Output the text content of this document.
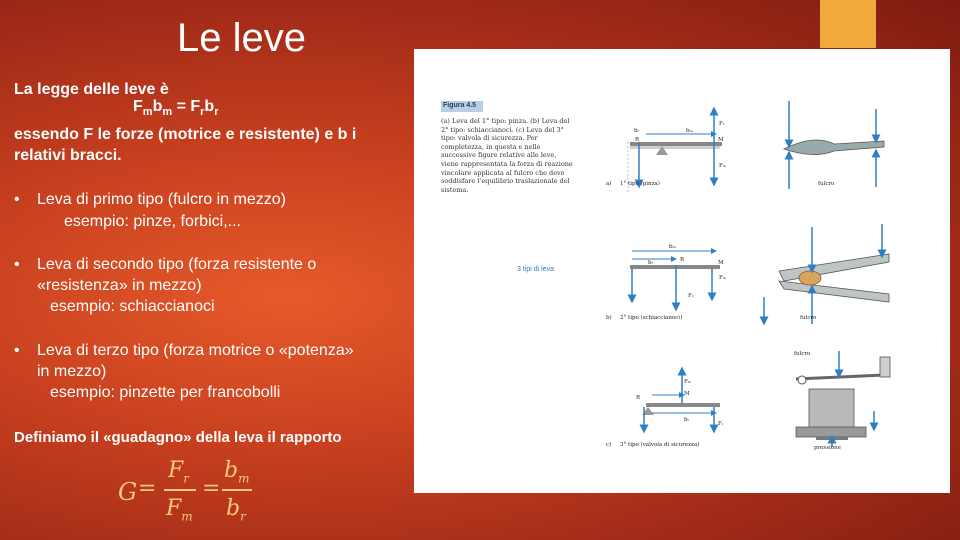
Le leve
La legge delle leve è
$F_mb_m = F_rb_r$
essendo F le forze (motrice e resistente) e b i
relativi bracci.
• Leva di primo tipo (fulcro in mezzo)
esempio: pinze, forbici,...
• Leva di secondo tipo (forza resistente o
«resistenza» in mezzo)
esempio: schiaccianoci
• Leva di terzo tipo (forza motrice o «potenza»
in mezzo)
esempio: pinzette per francobolli
Definiamo il «guadagno» della leva il rapporto
Figura 4.5
(a) Leva del 1° tipo: pinza. (b) Leva del 2° tipo: schiaccianoci. (c) Leva del 3° tipo: valvola di sicurezza. Per completezza, in questa e nelle successive figure relative alle leve, viene rappresentata la forza di reazione vincolare applicata al fulcro che deve soddisfare l’equilibrio traslazionale del sistema.
3 tipi di leva
bᵣ	bₘ
R	M
Fᵣ
Fₘ
a) 1° tipo (pinza)	fulcro
bₘ
bᵣ	R	M
Fₘ
Fᵣ
b) 2° tipo (schiaccianoci)	fulcro
Fₘ
M
bᵣ
Fᵣ
R
c) 3° tipo (valvola di sicurezza)
fulcro
pressione
G =
$F_r$
$F_m$
=
$b_m$
$b_r$
